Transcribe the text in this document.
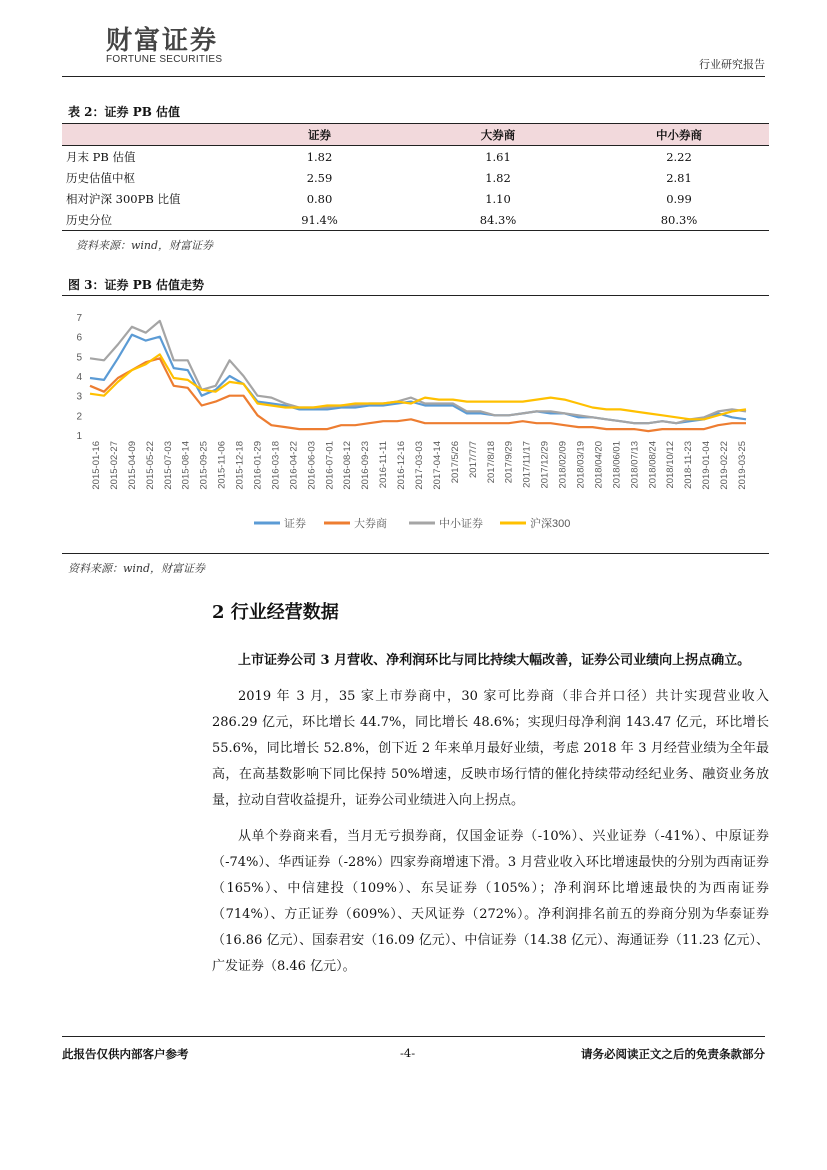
财富证券
FORTUNE SECURITIES	行业研究报告
表 2：证券 PB 估值
	证券	大券商	中小券商
月末 PB 估值	1.82	1.61	2.22
历史估值中枢	2.59	1.82	2.81
相对沪深 300PB 比值	0.80	1.10	0.99
历史分位	91.4%	84.3%	80.3%
资料来源：wind，财富证券
图 3：证券 PB 估值走势
1
2
3
4
5
6
7
2015-01-16 2015-02-27 2015-04-09 2015-05-22 2015-07-03 2015-08-14 2015-09-25 2015-11-06 2015-12-18 2016-01-29 2016-03-18 2016-04-22 2016-06-03 2016-07-01 2016-08-12 2016-09-23 2016-11-11 2016-12-16 2017-03-03 2017-04-14 2017/5/26 2017/7/7 2017/8/18 2017/9/29 2017/11/17 2017/12/29 2018/02/09 2018/03/19 2018/04/20 2018/06/01 2018/07/13 2018/08/24 2018/10/12 2018-11-23 2019-01-04 2019-02-22 2019-03-25
证券	大券商	中小证券	沪深300
资料来源：wind，财富证券
2 行业经营数据

上市证券公司 3 月营收、净利润环比与同比持续大幅改善，证券公司业绩向上拐点确立。

2019 年 3 月，35 家上市券商中，30 家可比券商（非合并口径）共计实现营业收入 286.29 亿元，环比增长 44.7%，同比增长 48.6%；实现归母净利润 143.47 亿元，环比增长 55.6%，同比增长 52.8%，创下近 2 年来单月最好业绩，考虑 2018 年 3 月经营业绩为全年最高，在高基数影响下同比保持 50%增速，反映市场行情的催化持续带动经纪业务、融资业务放量，拉动自营收益提升，证券公司业绩进入向上拐点。

从单个券商来看，当月无亏损券商，仅国金证券（-10%）、兴业证券（-41%）、中原证券（-74%）、华西证券（-28%）四家券商增速下滑。3 月营业收入环比增速最快的分别为西南证券（165%）、中信建投（109%）、东吴证券（105%）；净利润环比增速最快的为西南证券（714%）、方正证券（609%）、天风证券（272%）。净利润排名前五的券商分别为华泰证券（16.86 亿元）、国泰君安（16.09 亿元）、中信证券（14.38 亿元）、海通证券（11.23 亿元）、广发证券（8.46 亿元）。

此报告仅供内部客户参考	-4-	请务必阅读正文之后的免责条款部分
